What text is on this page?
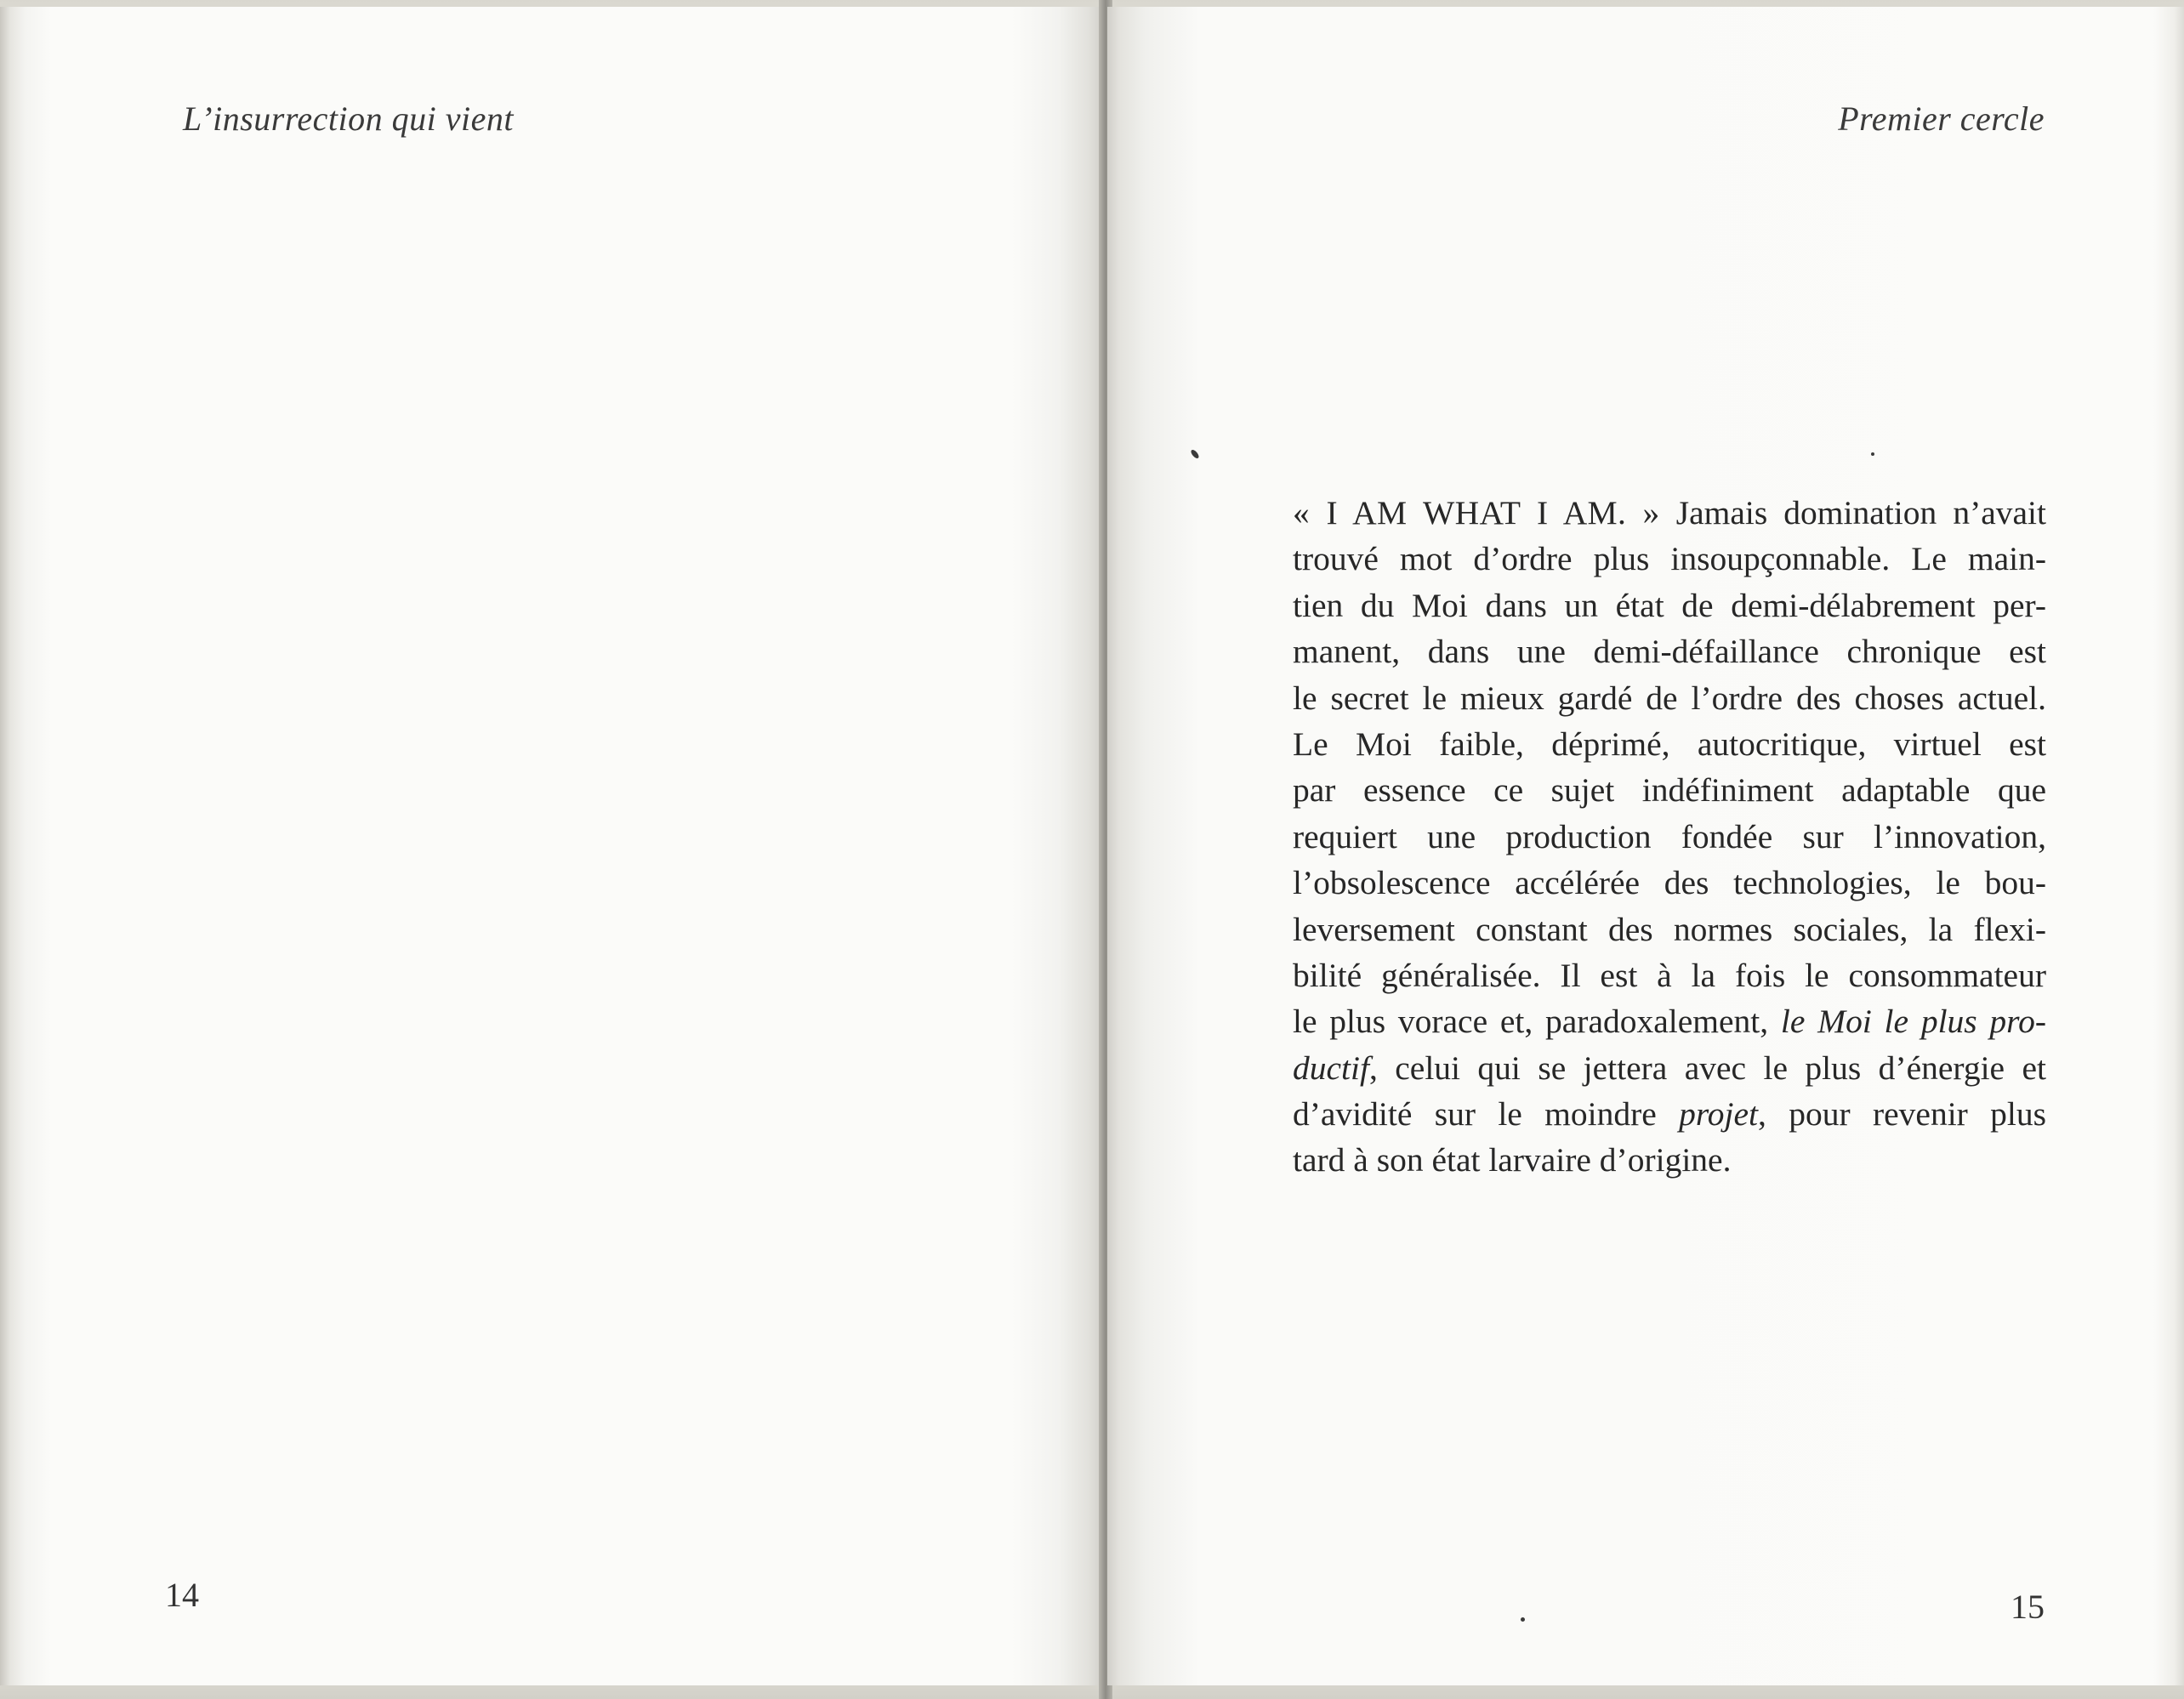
L’insurrection qui vient
14
Premier cercle
« I AM WHAT I AM. » Jamais domination n’avait
trouvé mot d’ordre plus insoupçonnable. Le main-
tien du Moi dans un état de demi-délabrement per-
manent, dans une demi-défaillance chronique est
le secret le mieux gardé de l’ordre des choses actuel.
Le Moi faible, déprimé, autocritique, virtuel est
par essence ce sujet indéfiniment adaptable que
requiert une production fondée sur l’innovation,
l’obsolescence accélérée des technologies, le bou-
leversement constant des normes sociales, la flexi-
bilité généralisée. Il est à la fois le consommateur
le plus vorace et, paradoxalement, le Moi le plus pro-
ductif, celui qui se jettera avec le plus d’énergie et
d’avidité sur le moindre projet, pour revenir plus
tard à son état larvaire d’origine.
15
